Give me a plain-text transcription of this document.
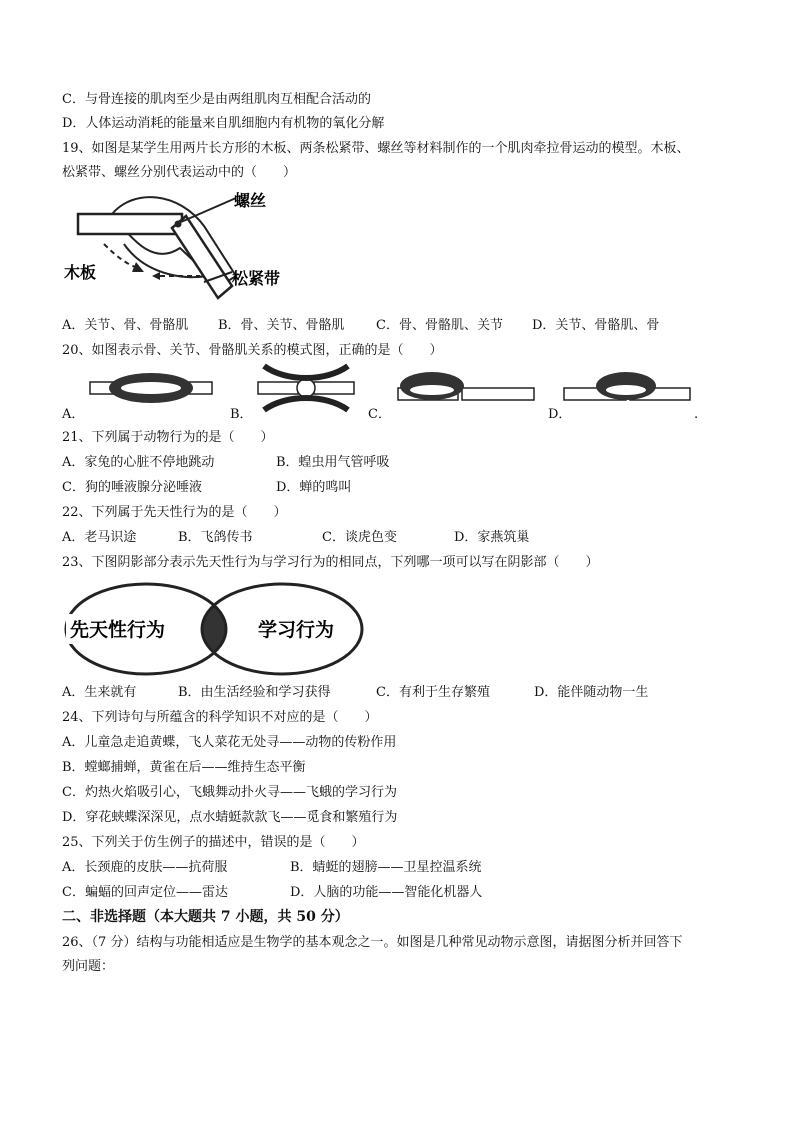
C．与骨连接的肌肉至少是由两组肌肉互相配合活动的
D．人体运动消耗的能量来自肌细胞内有机物的氧化分解
19、如图是某学生用两片长方形的木板、两条松紧带、螺丝等材料制作的一个肌肉牵拉骨运动的模型。木板、
松紧带、螺丝分别代表运动中的（　　）
螺丝
木板	松紧带
A．关节、骨、骨骼肌 B．骨、关节、骨骼肌 C．骨、骨骼肌、关节 D．关节、骨骼肌、骨
20、如图表示骨、关节、骨骼肌关系的模式图，正确的是（　　）
A．	B．	C．	D．	.
21、下列属于动物行为的是（　　）
A．家兔的心脏不停地跳动	B．蝗虫用气管呼吸
C．狗的唾液腺分泌唾液	D．蝉的鸣叫
22、下列属于先天性行为的是（　　）
A．老马识途	B．飞鸽传书	C．谈虎色变	D．家燕筑巢
23、下图阴影部分表示先天性行为与学习行为的相同点，下列哪一项可以写在阴影部（　　）
先天性行为	学习行为
A．生来就有	B．由生活经验和学习获得	C．有利于生存繁殖	D．能伴随动物一生
24、下列诗句与所蕴含的科学知识不对应的是（　　）
A．儿童急走追黄蝶，飞人菜花无处寻——动物的传粉作用
B．螳螂捕蝉，黄雀在后——维持生态平衡
C．灼热火焰吸引心，飞蛾舞动扑火寻——飞蛾的学习行为
D．穿花蛱蝶深深见，点水蜻蜓款款飞——觅食和繁殖行为
25、下列关于仿生例子的描述中，错误的是（　　）
A．长颈鹿的皮肤——抗荷服	B．蜻蜓的翅膀——卫星控温系统
C．蝙蝠的回声定位——雷达	D．人脑的功能——智能化机器人
二、非选择题（本大题共 7 小题，共 50 分）
26、（7 分）结构与功能相适应是生物学的基本观念之一。如图是几种常见动物示意图，请据图分析并回答下
列问题：
